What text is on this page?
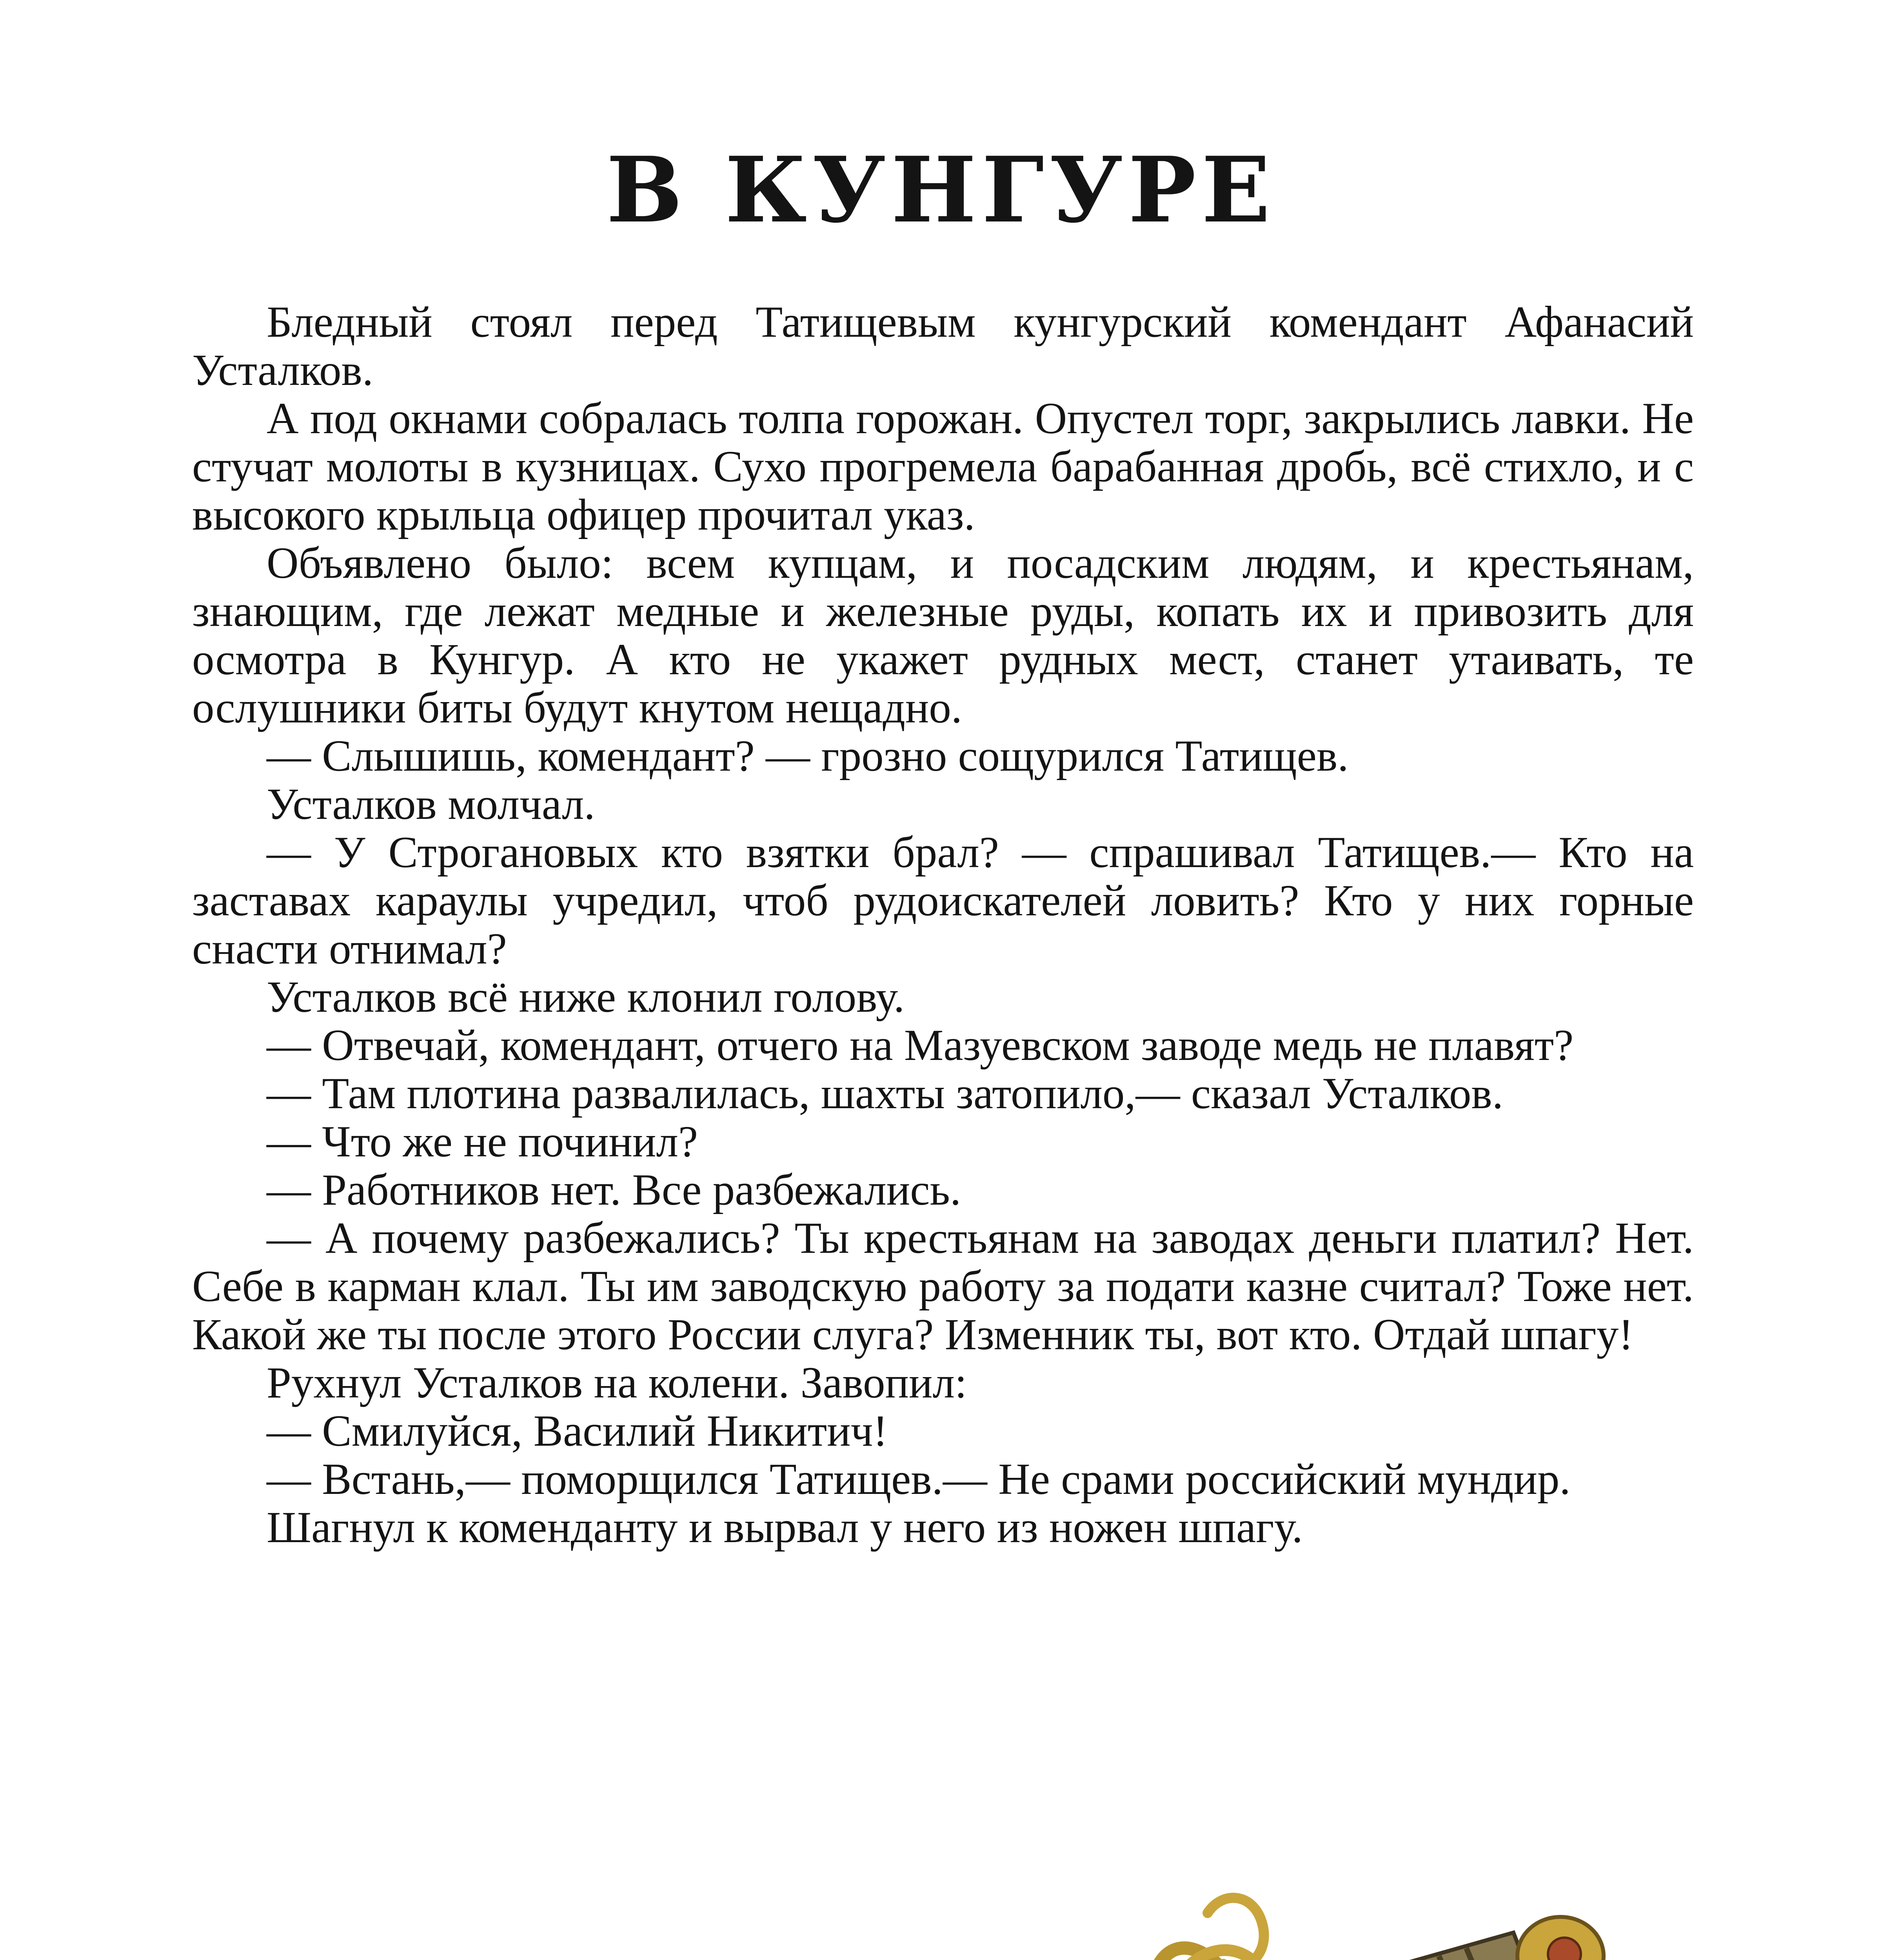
В КУНГУРЕ

Бледный стоял перед Татищевым кунгурский комендант Афанасий Усталков.

А под окнами собралась толпа горожан. Опустел торг, закрылись лавки. Не стучат молоты в кузницах. Сухо прогремела барабанная дробь, всё стихло, и с высокого крыльца офицер прочитал указ.

Объявлено было: всем купцам, и посадским людям, и крестьянам, знающим, где лежат медные и железные руды, копать их и привозить для осмотра в Кунгур. А кто не укажет рудных мест, станет утаивать, те ослушники биты будут кнутом нещадно.

— Слышишь, комендант? — грозно сощурился Татищев.

Усталков молчал.

— У Строгановых кто взятки брал? — спрашивал Татищев.— Кто на заставах караулы учредил, чтоб рудоискателей ловить? Кто у них горные снасти отнимал?

Усталков всё ниже клонил голову.

— Отвечай, комендант, отчего на Мазуевском заводе медь не плавят?

— Там плотина развалилась, шахты затопило,— сказал Усталков.

— Что же не починил?

— Работников нет. Все разбежались.

— А почему разбежались? Ты крестьянам на заводах деньги платил? Нет. Себе в карман клал. Ты им заводскую работу за подати казне считал? Тоже нет. Какой же ты после этого России слуга? Изменник ты, вот кто. Отдай шпагу!

Рухнул Усталков на колени. Завопил:

— Смилуйся, Василий Никитич!

— Встань,— поморщился Татищев.— Не срами российский мундир.

Шагнул к коменданту и вырвал у него из ножен шпагу.
